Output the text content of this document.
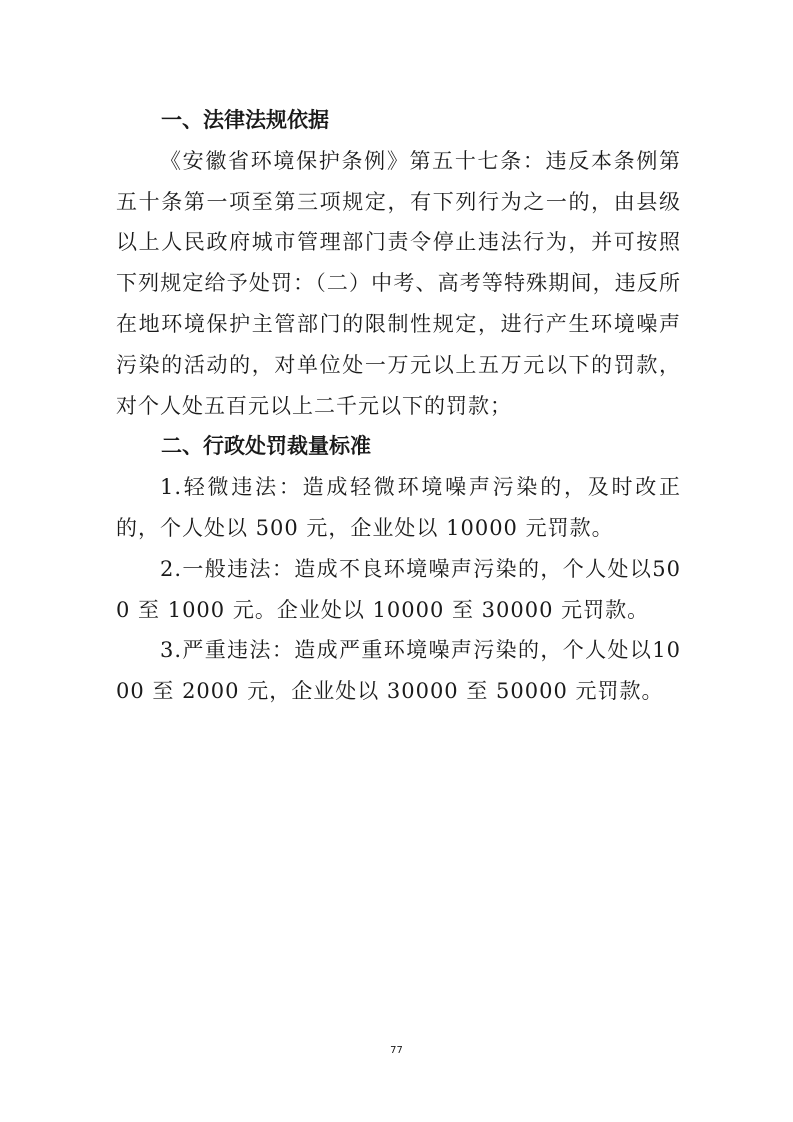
一、法律法规依据

《安徽省环境保护条例》第五十七条：违反本条例第五十条第一项至第三项规定，有下列行为之一的，由县级以上人民政府城市管理部门责令停止违法行为，并可按照下列规定给予处罚：（二）中考、高考等特殊期间，违反所在地环境保护主管部门的限制性规定，进行产生环境噪声污染的活动的，对单位处一万元以上五万元以下的罚款，对个人处五百元以上二千元以下的罚款；

二、行政处罚裁量标准

1.轻微违法：造成轻微环境噪声污染的，及时改正的，个人处以 500 元，企业处以 10000 元罚款。

2.一般违法：造成不良环境噪声污染的，个人处以500 至 1000 元。企业处以 10000 至 30000 元罚款。

3.严重违法：造成严重环境噪声污染的，个人处以1000 至 2000 元，企业处以 30000 至 50000 元罚款。

77
